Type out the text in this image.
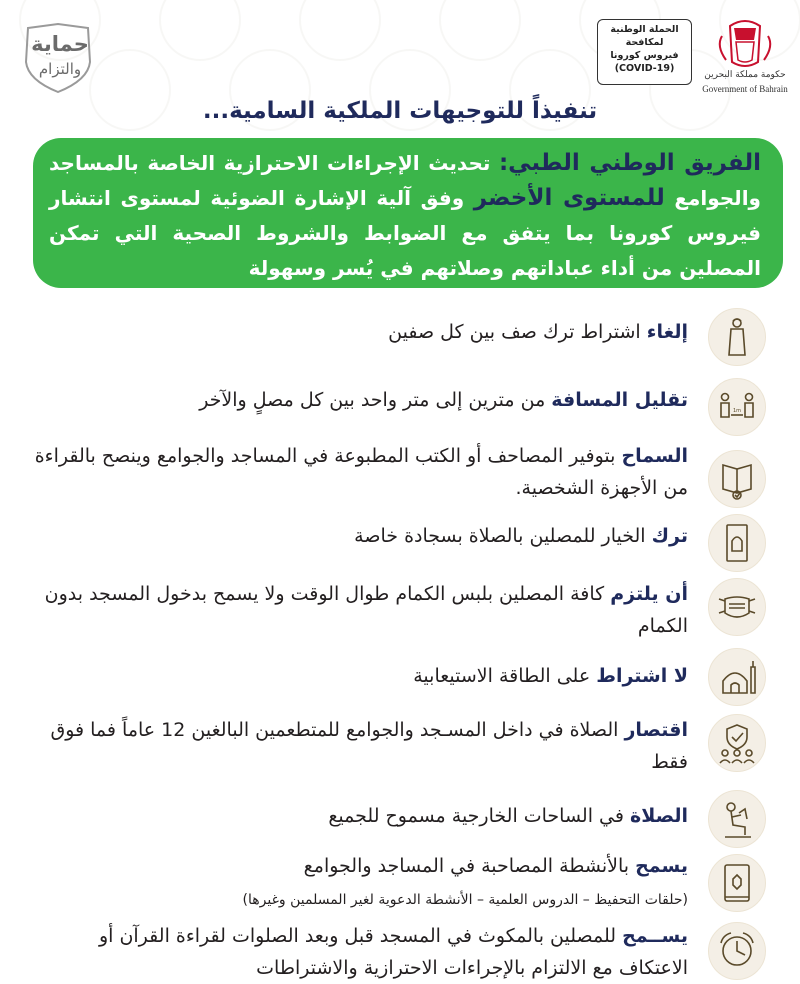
حماية
والتزام
الحملة الوطنية
لمكافحة
فيروس كورونا
(COVID-19)
حكومة مملكة البحرين
Government of Bahrain
تنفيذاً للتوجيهات الملكية السامية...
الفريق الوطني الطبي: تحديث الإجراءات الاحترازية الخاصة بالمساجد والجوامع للمستوى الأخضر وفق آلية الإشارة الضوئية لمستوى انتشار فيروس كورونا بما يتفق مع الضوابط والشروط الصحية التي تمكن المصلين من أداء عباداتهم وصلاتهم في يُسر وسهولة
إلغاء اشتراط ترك صف بين كل صفين
1m
تقليل المسافة من مترين إلى متر واحد بين كل مصلٍ والآخر
السماح بتوفير المصاحف أو الكتب المطبوعة في المساجد والجوامع وينصح بالقراءة من الأجهزة الشخصية.
ترك الخيار للمصلين بالصلاة بسجادة خاصة
أن يلتزم كافة المصلين بلبس الكمام طوال الوقت ولا يسمح بدخول المسجد بدون الكمام
لا اشتراط على الطاقة الاستيعابية
اقتصار الصلاة في داخل المسـجد والجوامع للمتطعمين البالغين 12 عاماً فما فوق فقط
الصلاة في الساحات الخارجية مسموح للجميع
يسمح بالأنشطة المصاحبة في المساجد والجوامع
(حلقات التحفيظ – الدروس العلمية – الأنشطة الدعوية لغير المسلمين وغيرها)
يســمح للمصلين بالمكوث في المسجد قبل وبعد الصلوات لقراءة القرآن أو الاعتكاف مع الالتزام بالإجراءات الاحترازية والاشتراطات
